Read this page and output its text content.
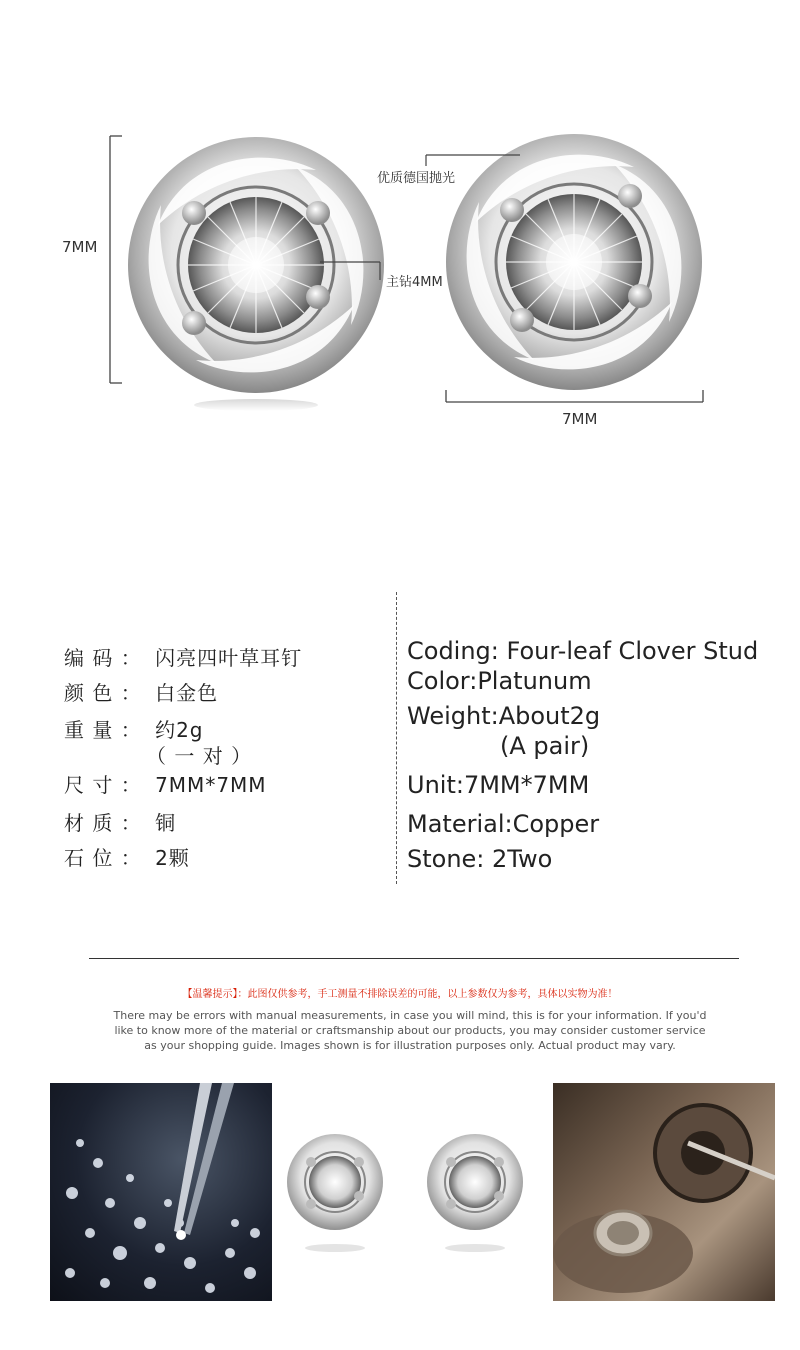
7MM
7MM
优质德国抛光
主钻4MM
编 码 ： 闪亮四叶草耳钉
颜 色 ： 白金色
重 量 ： 约2g
（ 一 对 ）
尺 寸 ： 7MM*7MM
材 质 ： 铜
石 位 ： 2颗
Coding: Four-leaf Clover Stud
Color:Platunum
Weight:About2g
(A pair)
Unit:7MM*7MM
Material:Copper
Stone: 2Two
【温馨提示】：此图仅供参考，手工测量不排除误差的可能，以上参数仅为参考，具体以实物为准！
There may be errors with manual measurements, in case you will mind, this is for your information. If you'd like to know more of the material or craftsmanship about our products, you may consider customer service as your shopping guide. Images shown is for illustration purposes only. Actual product may vary.
